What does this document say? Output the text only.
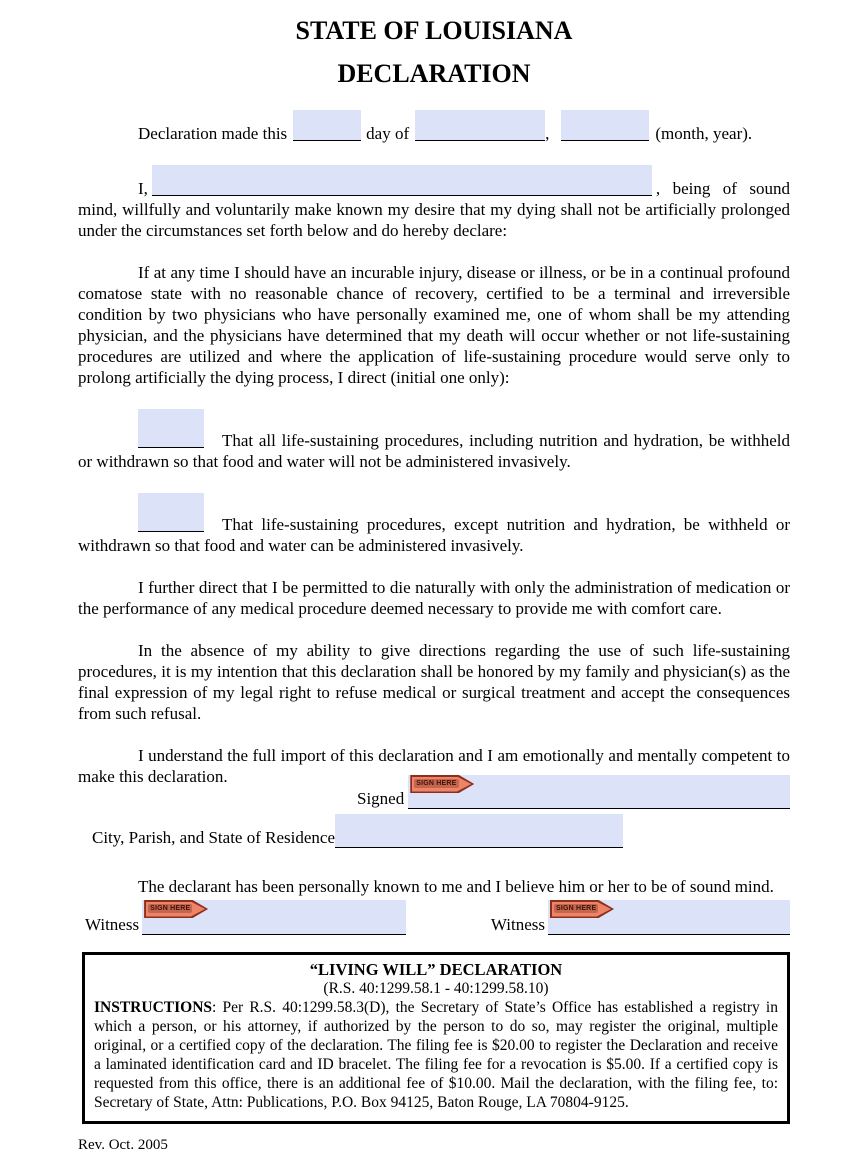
STATE OF LOUISIANA
DECLARATION

Declaration made this	day of	,	(month, year).

I,	, being of sound mind, willfully and voluntarily make known my desire that my dying shall not be artificially prolonged under the circumstances set forth below and do hereby declare:

If at any time I should have an incurable injury, disease or illness, or be in a continual profound comatose state with no reasonable chance of recovery, certified to be a terminal and irreversible condition by two physicians who have personally examined me, one of whom shall be my attending physician, and the physicians have determined that my death will occur whether or not life-sustaining procedures are utilized and where the application of life-sustaining procedure would serve only to prolong artificially the dying process, I direct (initial one only):

That all life-sustaining procedures, including nutrition and hydration, be withheld or withdrawn so that food and water will not be administered invasively.

That life-sustaining procedures, except nutrition and hydration, be withheld or withdrawn so that food and water can be administered invasively.

I further direct that I be permitted to die naturally with only the administration of medication or the performance of any medical procedure deemed necessary to provide me with comfort care.

In the absence of my ability to give directions regarding the use of such life-sustaining procedures, it is my intention that this declaration shall be honored by my family and physician(s) as the final expression of my legal right to refuse medical or surgical treatment and accept the consequences from such refusal.

I understand the full import of this declaration and I am emotionally and mentally competent to make this declaration.

Signed
SIGN HERE
City, Parish, and State of Residence

The declarant has been personally known to me and I believe him or her to be of sound mind.

Witness
SIGN HERE
Witness
SIGN HERE

“LIVING WILL” DECLARATION

(R.S. 40:1299.58.1 - 40:1299.58.10)

INSTRUCTIONS: Per R.S. 40:1299.58.3(D), the Secretary of State’s Office has established a registry in which a person, or his attorney, if authorized by the person to do so, may register the original, multiple original, or a certified copy of the declaration. The filing fee is $20.00 to register the Declaration and receive a laminated identification card and ID bracelet. The filing fee for a revocation is $5.00. If a certified copy is requested from this office, there is an additional fee of $10.00. Mail the declaration, with the filing fee, to: Secretary of State, Attn: Publications, P.O. Box 94125, Baton Rouge, LA 70804-9125.

Rev. Oct. 2005
